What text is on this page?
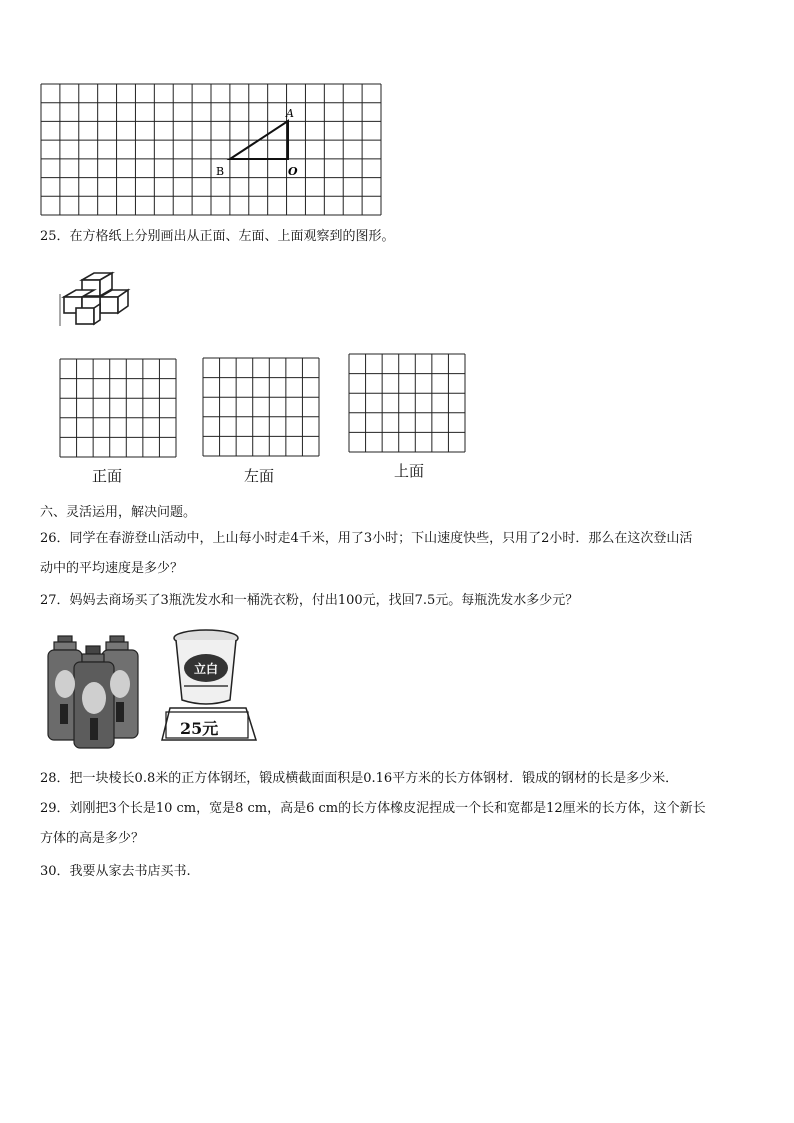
A
B	O
25．在方格纸上分别画出从正面、左面、上面观察到的图形。
正面	左面	上面
六、灵活运用，解决问题。
26．同学在春游登山活动中，上山每小时走4千米，用了3小时；下山速度快些，只用了2小时．那么在这次登山活
动中的平均速度是多少？
27．妈妈去商场买了3瓶洗发水和一桶洗衣粉，付出100元，找回7.5元。每瓶洗发水多少元？
立白
25元
28．把一块棱长0.8米的正方体钢坯，锻成横截面面积是0.16平方米的长方体钢材．锻成的钢材的长是多少米．
29．刘刚把3个长是10 cm，宽是8 cm，高是6 cm的长方体橡皮泥捏成一个长和宽都是12厘米的长方体，这个新长
方体的高是多少？
30．我要从家去书店买书.
